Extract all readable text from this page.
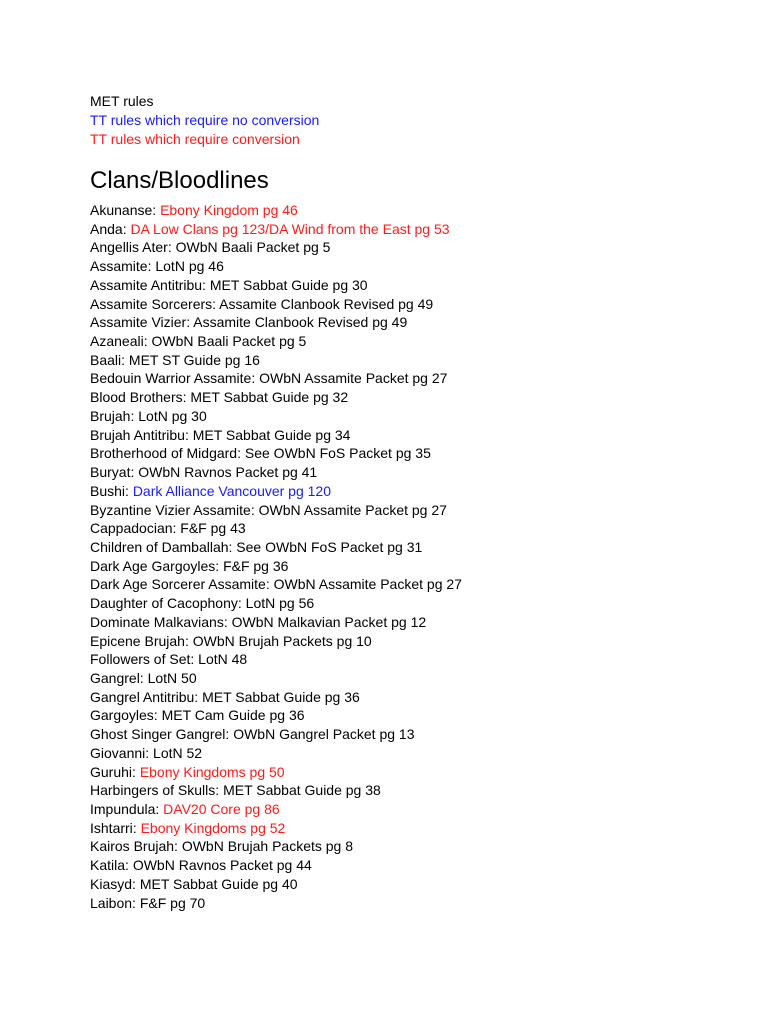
MET rules
TT rules which require no conversion
TT rules which require conversion
Clans/Bloodlines
Akunanse: Ebony Kingdom pg 46
Anda: DA Low Clans pg 123/DA Wind from the East pg 53
Angellis Ater: OWbN Baali Packet pg 5
Assamite: LotN pg 46
Assamite Antitribu: MET Sabbat Guide pg 30
Assamite Sorcerers: Assamite Clanbook Revised pg 49
Assamite Vizier: Assamite Clanbook Revised pg 49
Azaneali: OWbN Baali Packet pg 5
Baali: MET ST Guide pg 16
Bedouin Warrior Assamite: OWbN Assamite Packet pg 27
Blood Brothers: MET Sabbat Guide pg 32
Brujah: LotN pg 30
Brujah Antitribu: MET Sabbat Guide pg 34
Brotherhood of Midgard: See OWbN FoS Packet pg 35
Buryat: OWbN Ravnos Packet pg 41
Bushi: Dark Alliance Vancouver pg 120
Byzantine Vizier Assamite: OWbN Assamite Packet pg 27
Cappadocian: F&F pg 43
Children of Damballah: See OWbN FoS Packet pg 31
Dark Age Gargoyles: F&F pg 36
Dark Age Sorcerer Assamite: OWbN Assamite Packet pg 27
Daughter of Cacophony: LotN pg 56
Dominate Malkavians: OWbN Malkavian Packet pg 12
Epicene Brujah: OWbN Brujah Packets pg 10
Followers of Set: LotN 48
Gangrel: LotN 50
Gangrel Antitribu: MET Sabbat Guide pg 36
Gargoyles: MET Cam Guide pg 36
Ghost Singer Gangrel: OWbN Gangrel Packet pg 13
Giovanni: LotN 52
Guruhi: Ebony Kingdoms pg 50
Harbingers of Skulls: MET Sabbat Guide pg 38
Impundula: DAV20 Core pg 86
Ishtarri: Ebony Kingdoms pg 52
Kairos Brujah: OWbN Brujah Packets pg 8
Katila: OWbN Ravnos Packet pg 44
Kiasyd: MET Sabbat Guide pg 40
Laibon: F&F pg 70
